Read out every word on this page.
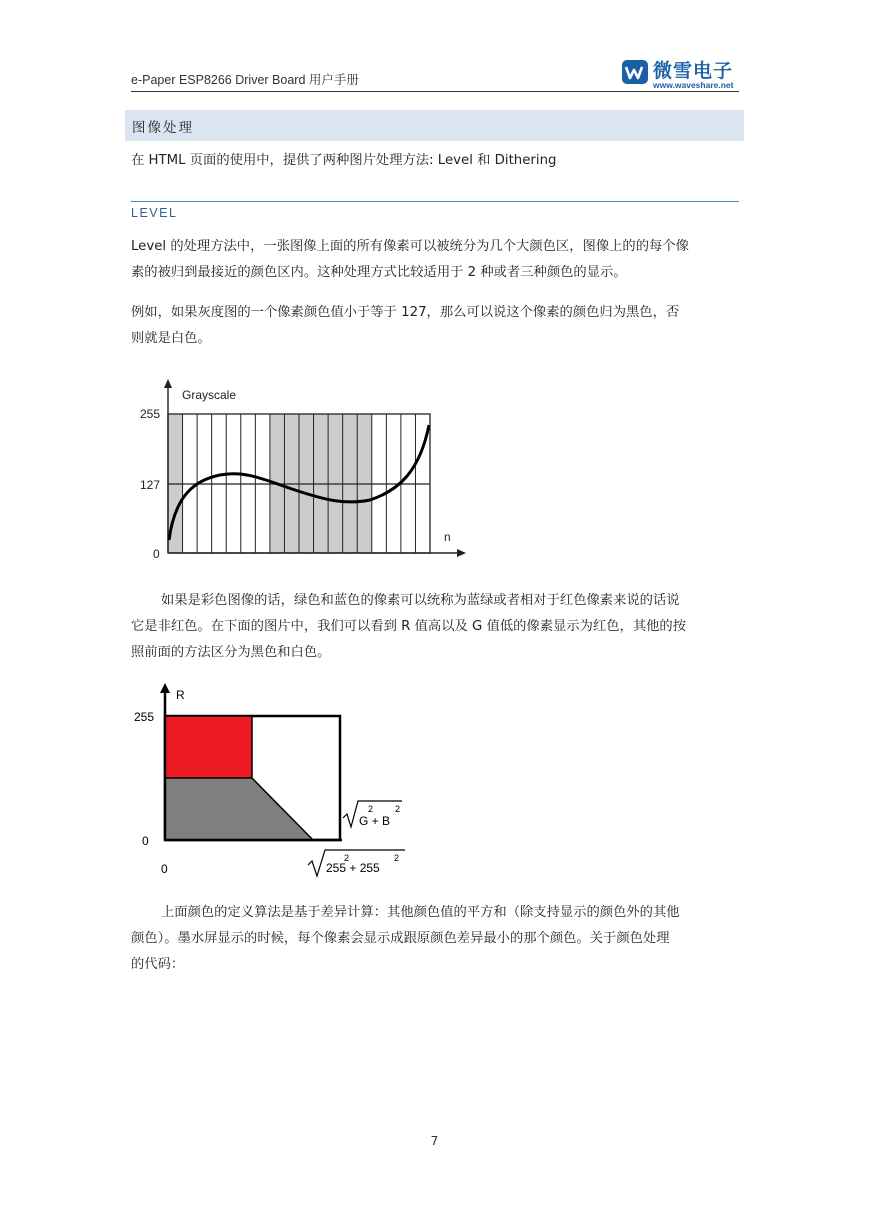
e-Paper ESP8266 Driver Board 用户手册	微雪电子
www.waveshare.net
图像处理
在 HTML 页面的使用中，提供了两种图片处理方法: Level 和 Dithering
LEVEL
Level 的处理方法中，一张图像上面的所有像素可以被统分为几个大颜色区，图像上的的每个像
素的被归到最接近的颜色区内。这种处理方式比较适用于 2 种或者三种颜色的显示。
例如，如果灰度图的一个像素颜色值小于等于 127，那么可以说这个像素的颜色归为黑色，否
则就是白色。
Grayscale
255
127
0
n
如果是彩色图像的话，绿色和蓝色的像素可以统称为蓝绿或者相对于红色像素来说的话说
它是非红色。在下面的图片中，我们可以看到 R 值高以及 G 值低的像素显示为红色，其他的按
照前面的方法区分为黑色和白色。
R
255
0
0
G + B
2 2
255 + 255
2	2
上面颜色的定义算法是基于差异计算：其他颜色值的平方和（除支持显示的颜色外的其他
颜色）。墨水屏显示的时候，每个像素会显示成跟原颜色差异最小的那个颜色。关于颜色处理
的代码：
7
